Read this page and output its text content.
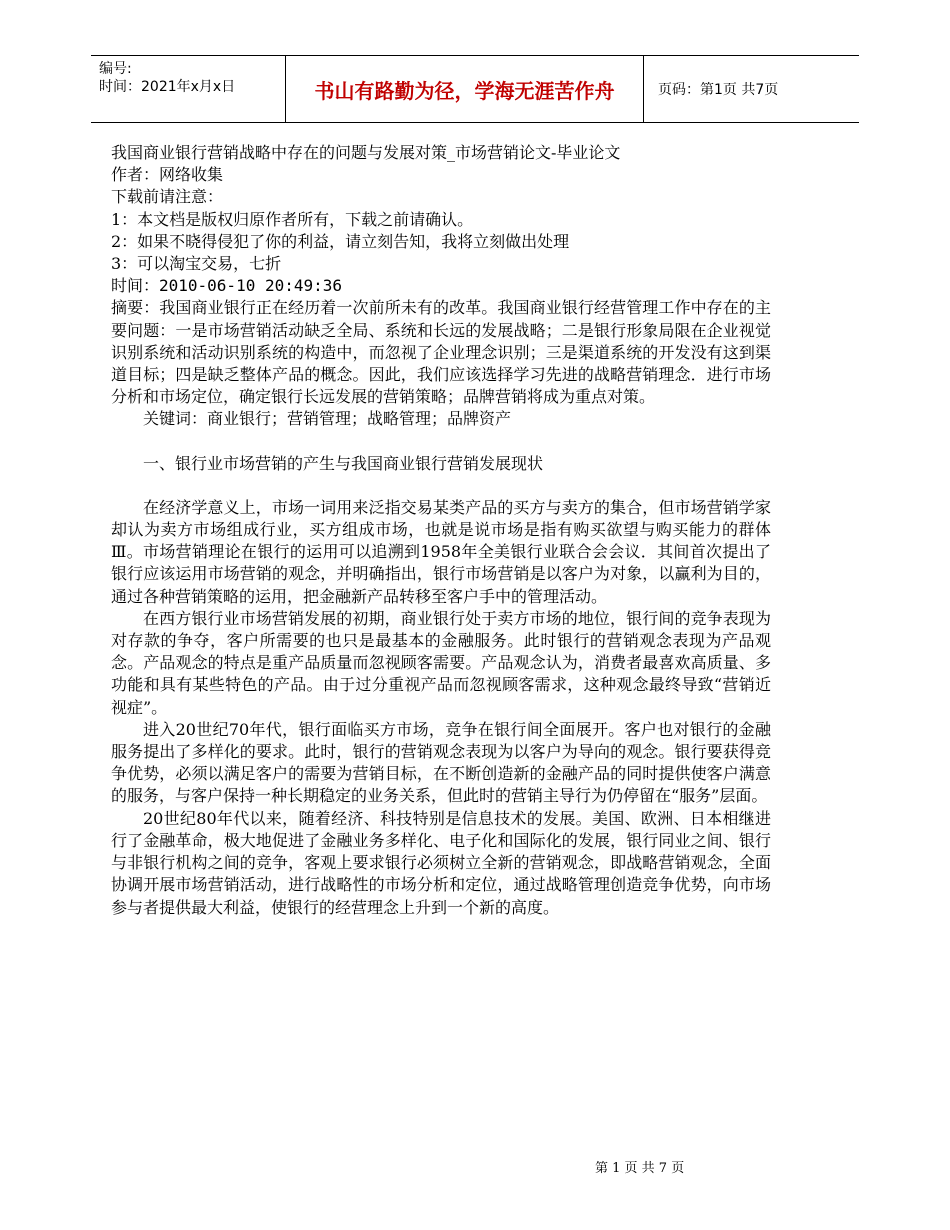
编号:
时间：2021年x月x日	书山有路勤为径，学海无涯苦作舟	页码：第1页 共7页

我国商业银行营销战略中存在的问题与发展对策_市场营销论文-毕业论文

作者：网络收集

下载前请注意：

1：本文档是版权归原作者所有，下载之前请确认。

2：如果不晓得侵犯了你的利益，请立刻告知，我将立刻做出处理

3：可以淘宝交易，七折

时间：2010-06-10 20:49:36

摘要：我国商业银行正在经历着一次前所未有的改革。我国商业银行经营管理工作中存在的主要问题：一是市场营销活动缺乏全局、系统和长远的发展战略；二是银行形象局限在企业视觉识别系统和活动识别系统的构造中，而忽视了企业理念识别；三是渠道系统的开发没有这到渠道目标；四是缺乏整体产品的概念。因此，我们应该选择学习先进的战略营销理念．进行市场分析和市场定位，确定银行长远发展的营销策略；品牌营销将成为重点对策。

关键词：商业银行；营销管理；战略管理；品牌资产

一、银行业市场营销的产生与我国商业银行营销发展现状

在经济学意义上，市场一词用来泛指交易某类产品的买方与卖方的集合，但市场营销学家却认为卖方市场组成行业，买方组成市场，也就是说市场是指有购买欲望与购买能力的群体Ⅲ。市场营销理论在银行的运用可以追溯到1958年全美银行业联合会会议．其间首次提出了银行应该运用市场营销的观念，并明确指出，银行市场营销是以客户为对象，以赢利为目的，通过各种营销策略的运用，把金融新产品转移至客户手中的管理活动。

在西方银行业市场营销发展的初期，商业银行处于卖方市场的地位，银行间的竞争表现为对存款的争夺，客户所需要的也只是最基本的金融服务。此时银行的营销观念表现为产品观念。产品观念的特点是重产品质量而忽视顾客需要。产品观念认为，消费者最喜欢高质量、多功能和具有某些特色的产品。由于过分重视产品而忽视顾客需求，这种观念最终导致“营销近视症”。

进入20世纪70年代，银行面临买方市场，竞争在银行间全面展开。客户也对银行的金融服务提出了多样化的要求。此时，银行的营销观念表现为以客户为导向的观念。银行要获得竞争优势，必须以满足客户的需要为营销目标，在不断创造新的金融产品的同时提供使客户满意的服务，与客户保持一种长期稳定的业务关系，但此时的营销主导行为仍停留在“服务”层面。

20世纪80年代以来，随着经济、科技特别是信息技术的发展。美国、欧洲、日本相继进行了金融革命，极大地促进了金融业务多样化、电子化和国际化的发展，银行同业之间、银行与非银行机构之间的竞争，客观上要求银行必须树立全新的营销观念，即战略营销观念，全面协调开展市场营销活动，进行战略性的市场分析和定位，通过战略管理创造竞争优势，向市场参与者提供最大利益，使银行的经营理念上升到一个新的高度。

第 1 页 共 7 页
